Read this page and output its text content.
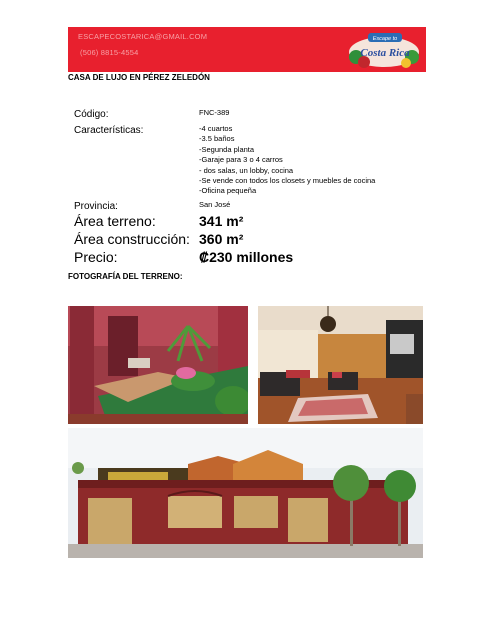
ESCAPECOSTARICA@GMAIL.COM
(506) 8815-4554
Escape to
Costa Rica
CASA DE LUJO EN PÉREZ ZELEDÓN
Código:	FNC-389
Características:	-4 cuartos
-3.5 baños
-Segunda planta
-Garaje para 3 o 4 carros
- dos salas, un lobby, cocina
-Se vende con todos los closets y muebles de cocina
-Oficina pequeña
Provincia:	San José
Área terreno:	341 m²
Área construcción: 360 m²
Precio:	₡230 millones
FOTOGRAFÍA DEL TERRENO:
